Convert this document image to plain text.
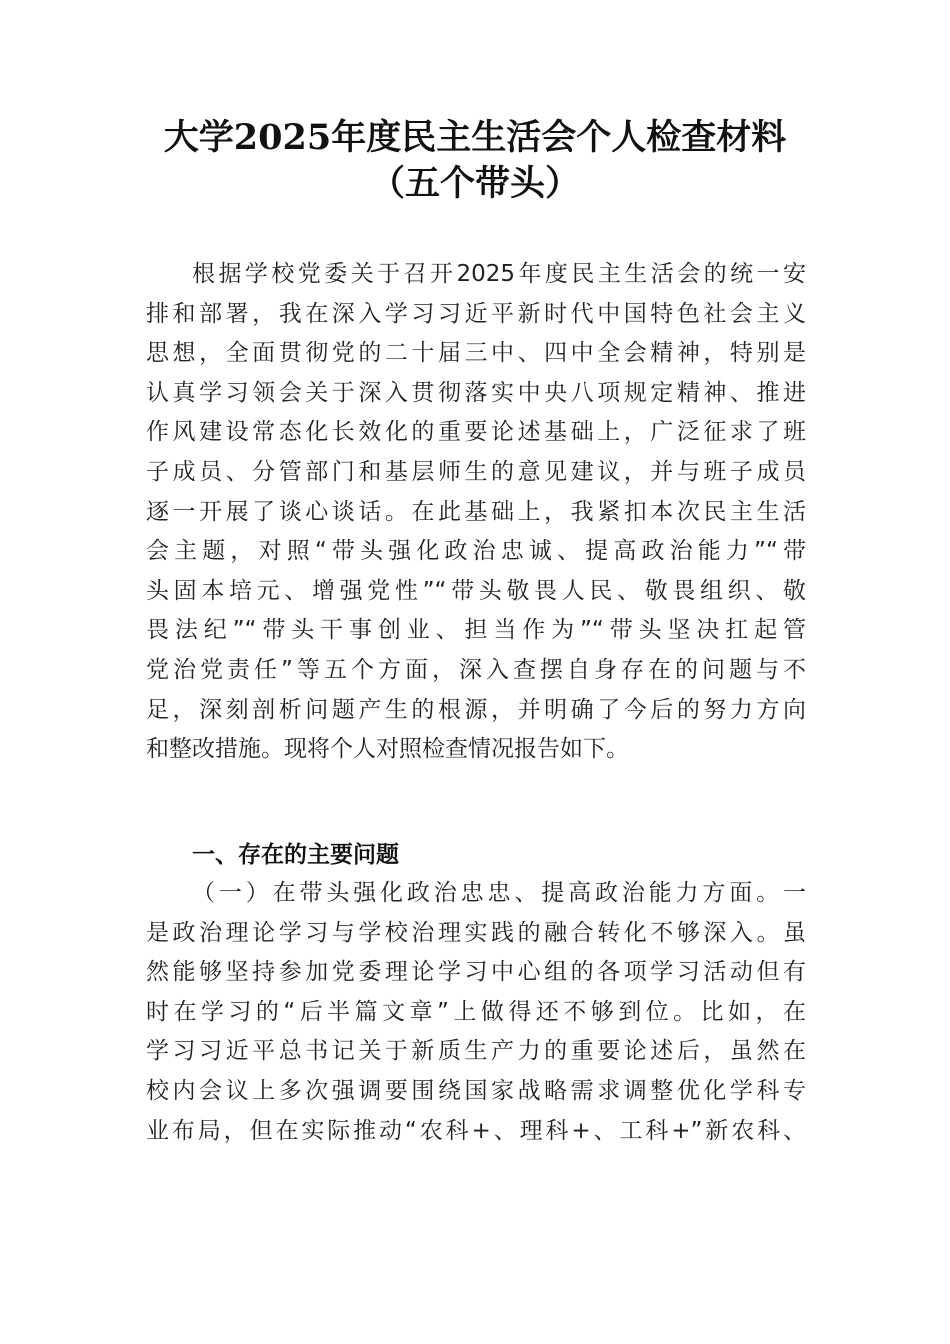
大学2025年度民主生活会个人检查材料
（五个带头）
根据学校党委关于召开2025年度民主生活会的统一安
排和部署，我在深入学习习近平新时代中国特色社会主义
思想，全面贯彻党的二十届三中、四中全会精神，特别是
认真学习领会关于深入贯彻落实中央八项规定精神、推进
作风建设常态化长效化的重要论述基础上，广泛征求了班
子成员、分管部门和基层师生的意见建议，并与班子成员
逐一开展了谈心谈话。在此基础上，我紧扣本次民主生活
会主题，对照“带头强化政治忠诚、提高政治能力”“带
头固本培元、增强党性”“带头敬畏人民、敬畏组织、敬
畏法纪”“带头干事创业、担当作为”“带头坚决扛起管
党治党责任”等五个方面，深入查摆自身存在的问题与不
足，深刻剖析问题产生的根源，并明确了今后的努力方向
和整改措施。现将个人对照检查情况报告如下。
一、存在的主要问题
（一）在带头强化政治忠忠、提高政治能力方面。一
是政治理论学习与学校治理实践的融合转化不够深入。虽
然能够坚持参加党委理论学习中心组的各项学习活动但有
时在学习的“后半篇文章”上做得还不够到位。比如，在
学习习近平总书记关于新质生产力的重要论述后，虽然在
校内会议上多次强调要围绕国家战略需求调整优化学科专
业布局，但在实际推动“农科+、理科+、工科+”新农科、
